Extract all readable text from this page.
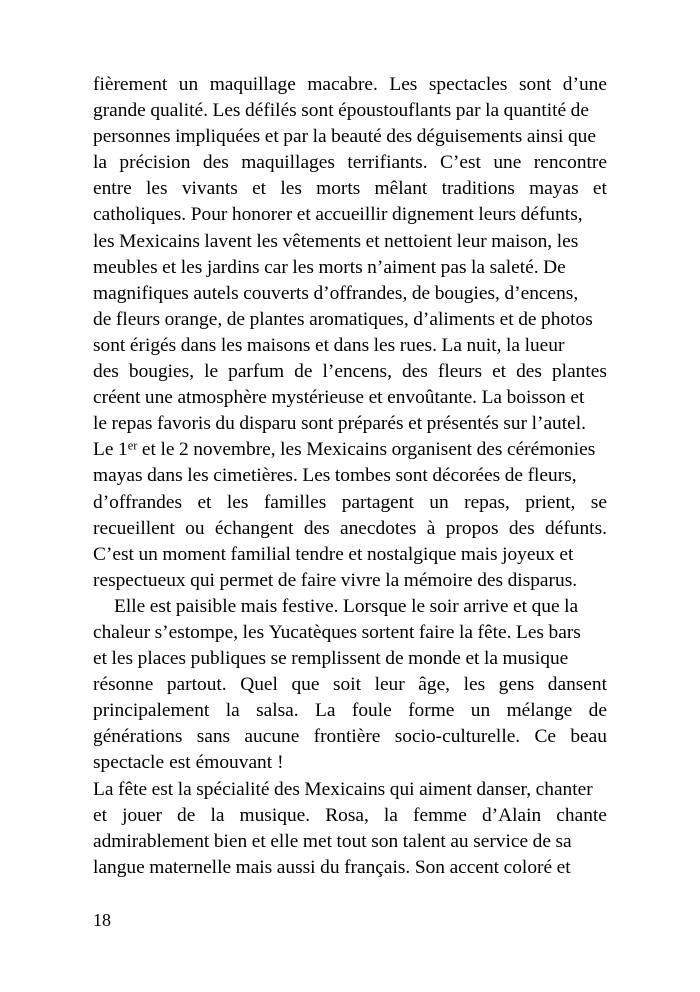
fièrement un maquillage macabre. Les spectacles sont d’une
grande qualité. Les défilés sont époustouflants par la quantité de
personnes impliquées et par la beauté des déguisements ainsi que
la précision des maquillages terrifiants. C’est une rencontre
entre les vivants et les morts mêlant traditions mayas et
catholiques. Pour honorer et accueillir dignement leurs défunts,
les Mexicains lavent les vêtements et nettoient leur maison, les
meubles et les jardins car les morts n’aiment pas la saleté. De
magnifiques autels couverts d’offrandes, de bougies, d’encens,
de fleurs orange, de plantes aromatiques, d’aliments et de photos
sont érigés dans les maisons et dans les rues. La nuit, la lueur
des bougies, le parfum de l’encens, des fleurs et des plantes
créent une atmosphère mystérieuse et envoûtante. La boisson et
le repas favoris du disparu sont préparés et présentés sur l’autel.
Le 1er et le 2 novembre, les Mexicains organisent des cérémonies
mayas dans les cimetières. Les tombes sont décorées de fleurs,
d’offrandes et les familles partagent un repas, prient, se
recueillent ou échangent des anecdotes à propos des défunts.
C’est un moment familial tendre et nostalgique mais joyeux et
respectueux qui permet de faire vivre la mémoire des disparus.
Elle est paisible mais festive. Lorsque le soir arrive et que la
chaleur s’estompe, les Yucatèques sortent faire la fête. Les bars
et les places publiques se remplissent de monde et la musique
résonne partout. Quel que soit leur âge, les gens dansent
principalement la salsa. La foule forme un mélange de
générations sans aucune frontière socio-culturelle. Ce beau
spectacle est émouvant !
La fête est la spécialité des Mexicains qui aiment danser, chanter
et jouer de la musique. Rosa, la femme d’Alain chante
admirablement bien et elle met tout son talent au service de sa
langue maternelle mais aussi du français. Son accent coloré et
18
